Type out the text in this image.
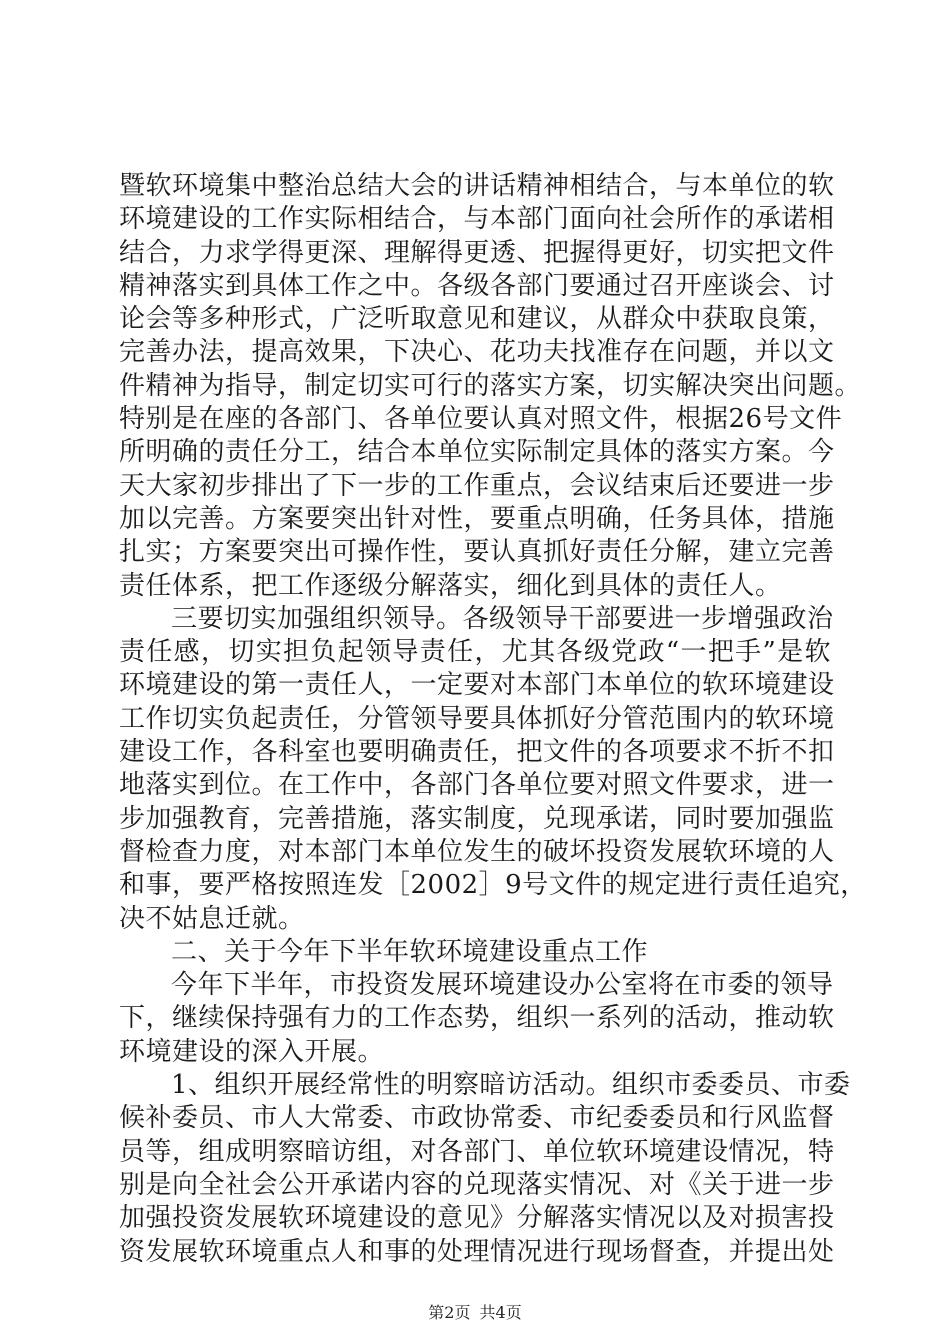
暨软环境集中整治总结大会的讲话精神相结合，与本单位的软
环境建设的工作实际相结合，与本部门面向社会所作的承诺相
结合，力求学得更深、理解得更透、把握得更好，切实把文件
精神落实到具体工作之中。各级各部门要通过召开座谈会、讨
论会等多种形式，广泛听取意见和建议，从群众中获取良策，
完善办法，提高效果，下决心、花功夫找准存在问题，并以文
件精神为指导，制定切实可行的落实方案，切实解决突出问题。
特别是在座的各部门、各单位要认真对照文件，根据26号文件
所明确的责任分工，结合本单位实际制定具体的落实方案。今
天大家初步排出了下一步的工作重点，会议结束后还要进一步
加以完善。方案要突出针对性，要重点明确，任务具体，措施
扎实；方案要突出可操作性，要认真抓好责任分解，建立完善
责任体系，把工作逐级分解落实，细化到具体的责任人。
三要切实加强组织领导。各级领导干部要进一步增强政治
责任感，切实担负起领导责任，尤其各级党政“一把手”是软
环境建设的第一责任人，一定要对本部门本单位的软环境建设
工作切实负起责任，分管领导要具体抓好分管范围内的软环境
建设工作，各科室也要明确责任，把文件的各项要求不折不扣
地落实到位。在工作中，各部门各单位要对照文件要求，进一
步加强教育，完善措施，落实制度，兑现承诺，同时要加强监
督检查力度，对本部门本单位发生的破坏投资发展软环境的人
和事，要严格按照连发［2002］9号文件的规定进行责任追究，
决不姑息迁就。
二、关于今年下半年软环境建设重点工作
今年下半年，市投资发展环境建设办公室将在市委的领导
下，继续保持强有力的工作态势，组织一系列的活动，推动软
环境建设的深入开展。
1、组织开展经常性的明察暗访活动。组织市委委员、市委
候补委员、市人大常委、市政协常委、市纪委委员和行风监督
员等，组成明察暗访组，对各部门、单位软环境建设情况，特
别是向全社会公开承诺内容的兑现落实情况、对《关于进一步
加强投资发展软环境建设的意见》分解落实情况以及对损害投
资发展软环境重点人和事的处理情况进行现场督查，并提出处
第2页 共4页
